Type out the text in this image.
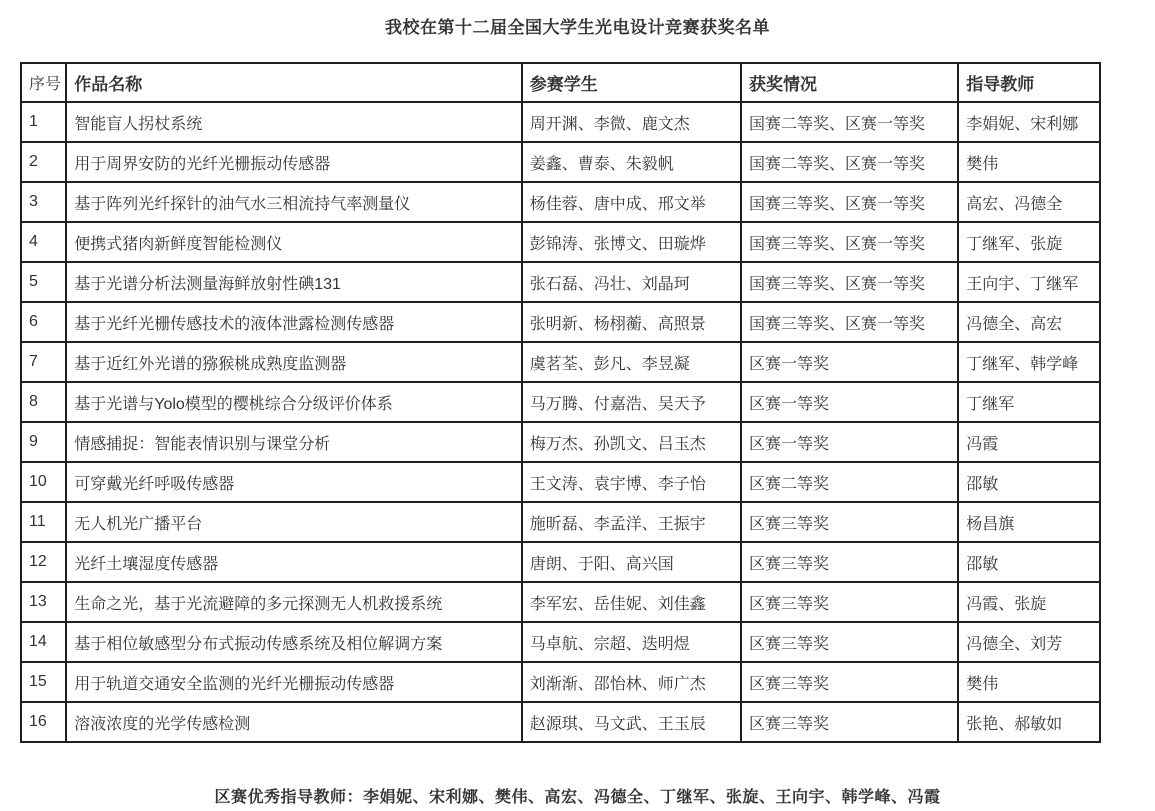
我校在第十二届全国大学生光电设计竞赛获奖名单
序号	作品名称	参赛学生	获奖情况	指导教师
1	智能盲人拐杖系统	周开渊、李微、鹿文杰	国赛二等奖、区赛一等奖	李娟妮、宋利娜
2	用于周界安防的光纤光栅振动传感器	姜鑫、曹泰、朱毅帆	国赛二等奖、区赛一等奖	樊伟
3	基于阵列光纤探针的油气水三相流持气率测量仪	杨佳蓉、唐中成、邢文举	国赛三等奖、区赛一等奖	高宏、冯德全
4	便携式猪肉新鲜度智能检测仪	彭锦涛、张博文、田璇烨	国赛三等奖、区赛一等奖	丁继军、张旋
5	基于光谱分析法测量海鲜放射性碘131	张石磊、冯壮、刘晶珂	国赛三等奖、区赛一等奖	王向宇、丁继军
6	基于光纤光栅传感技术的液体泄露检测传感器	张明新、杨栩蘅、高照景	国赛三等奖、区赛一等奖	冯德全、高宏
7	基于近红外光谱的猕猴桃成熟度监测器	虞茗荃、彭凡、李昱凝	区赛一等奖	丁继军、韩学峰
8	基于光谱与Yolo模型的樱桃综合分级评价体系	马万腾、付嘉浩、吴天予	区赛一等奖	丁继军
9	情感捕捉：智能表情识别与课堂分析	梅万杰、孙凯文、吕玉杰	区赛一等奖	冯霞
10	可穿戴光纤呼吸传感器	王文涛、袁宇博、李子怡	区赛二等奖	邵敏
11	无人机光广播平台	施昕磊、李孟洋、王振宇	区赛三等奖	杨昌旗
12	光纤土壤湿度传感器	唐朗、于阳、高兴国	区赛三等奖	邵敏
13	生命之光，基于光流避障的多元探测无人机救援系统	李军宏、岳佳妮、刘佳鑫	区赛三等奖	冯霞、张旋
14	基于相位敏感型分布式振动传感系统及相位解调方案	马卓航、宗超、迭明煜	区赛三等奖	冯德全、刘芳
15	用于轨道交通安全监测的光纤光栅振动传感器	刘渐渐、邵怡林、师广杰	区赛三等奖	樊伟
16	溶液浓度的光学传感检测	赵源琪、马文武、王玉辰	区赛三等奖	张艳、郝敏如
区赛优秀指导教师：李娟妮、宋利娜、樊伟、高宏、冯德全、丁继军、张旋、王向宇、韩学峰、冯霞
